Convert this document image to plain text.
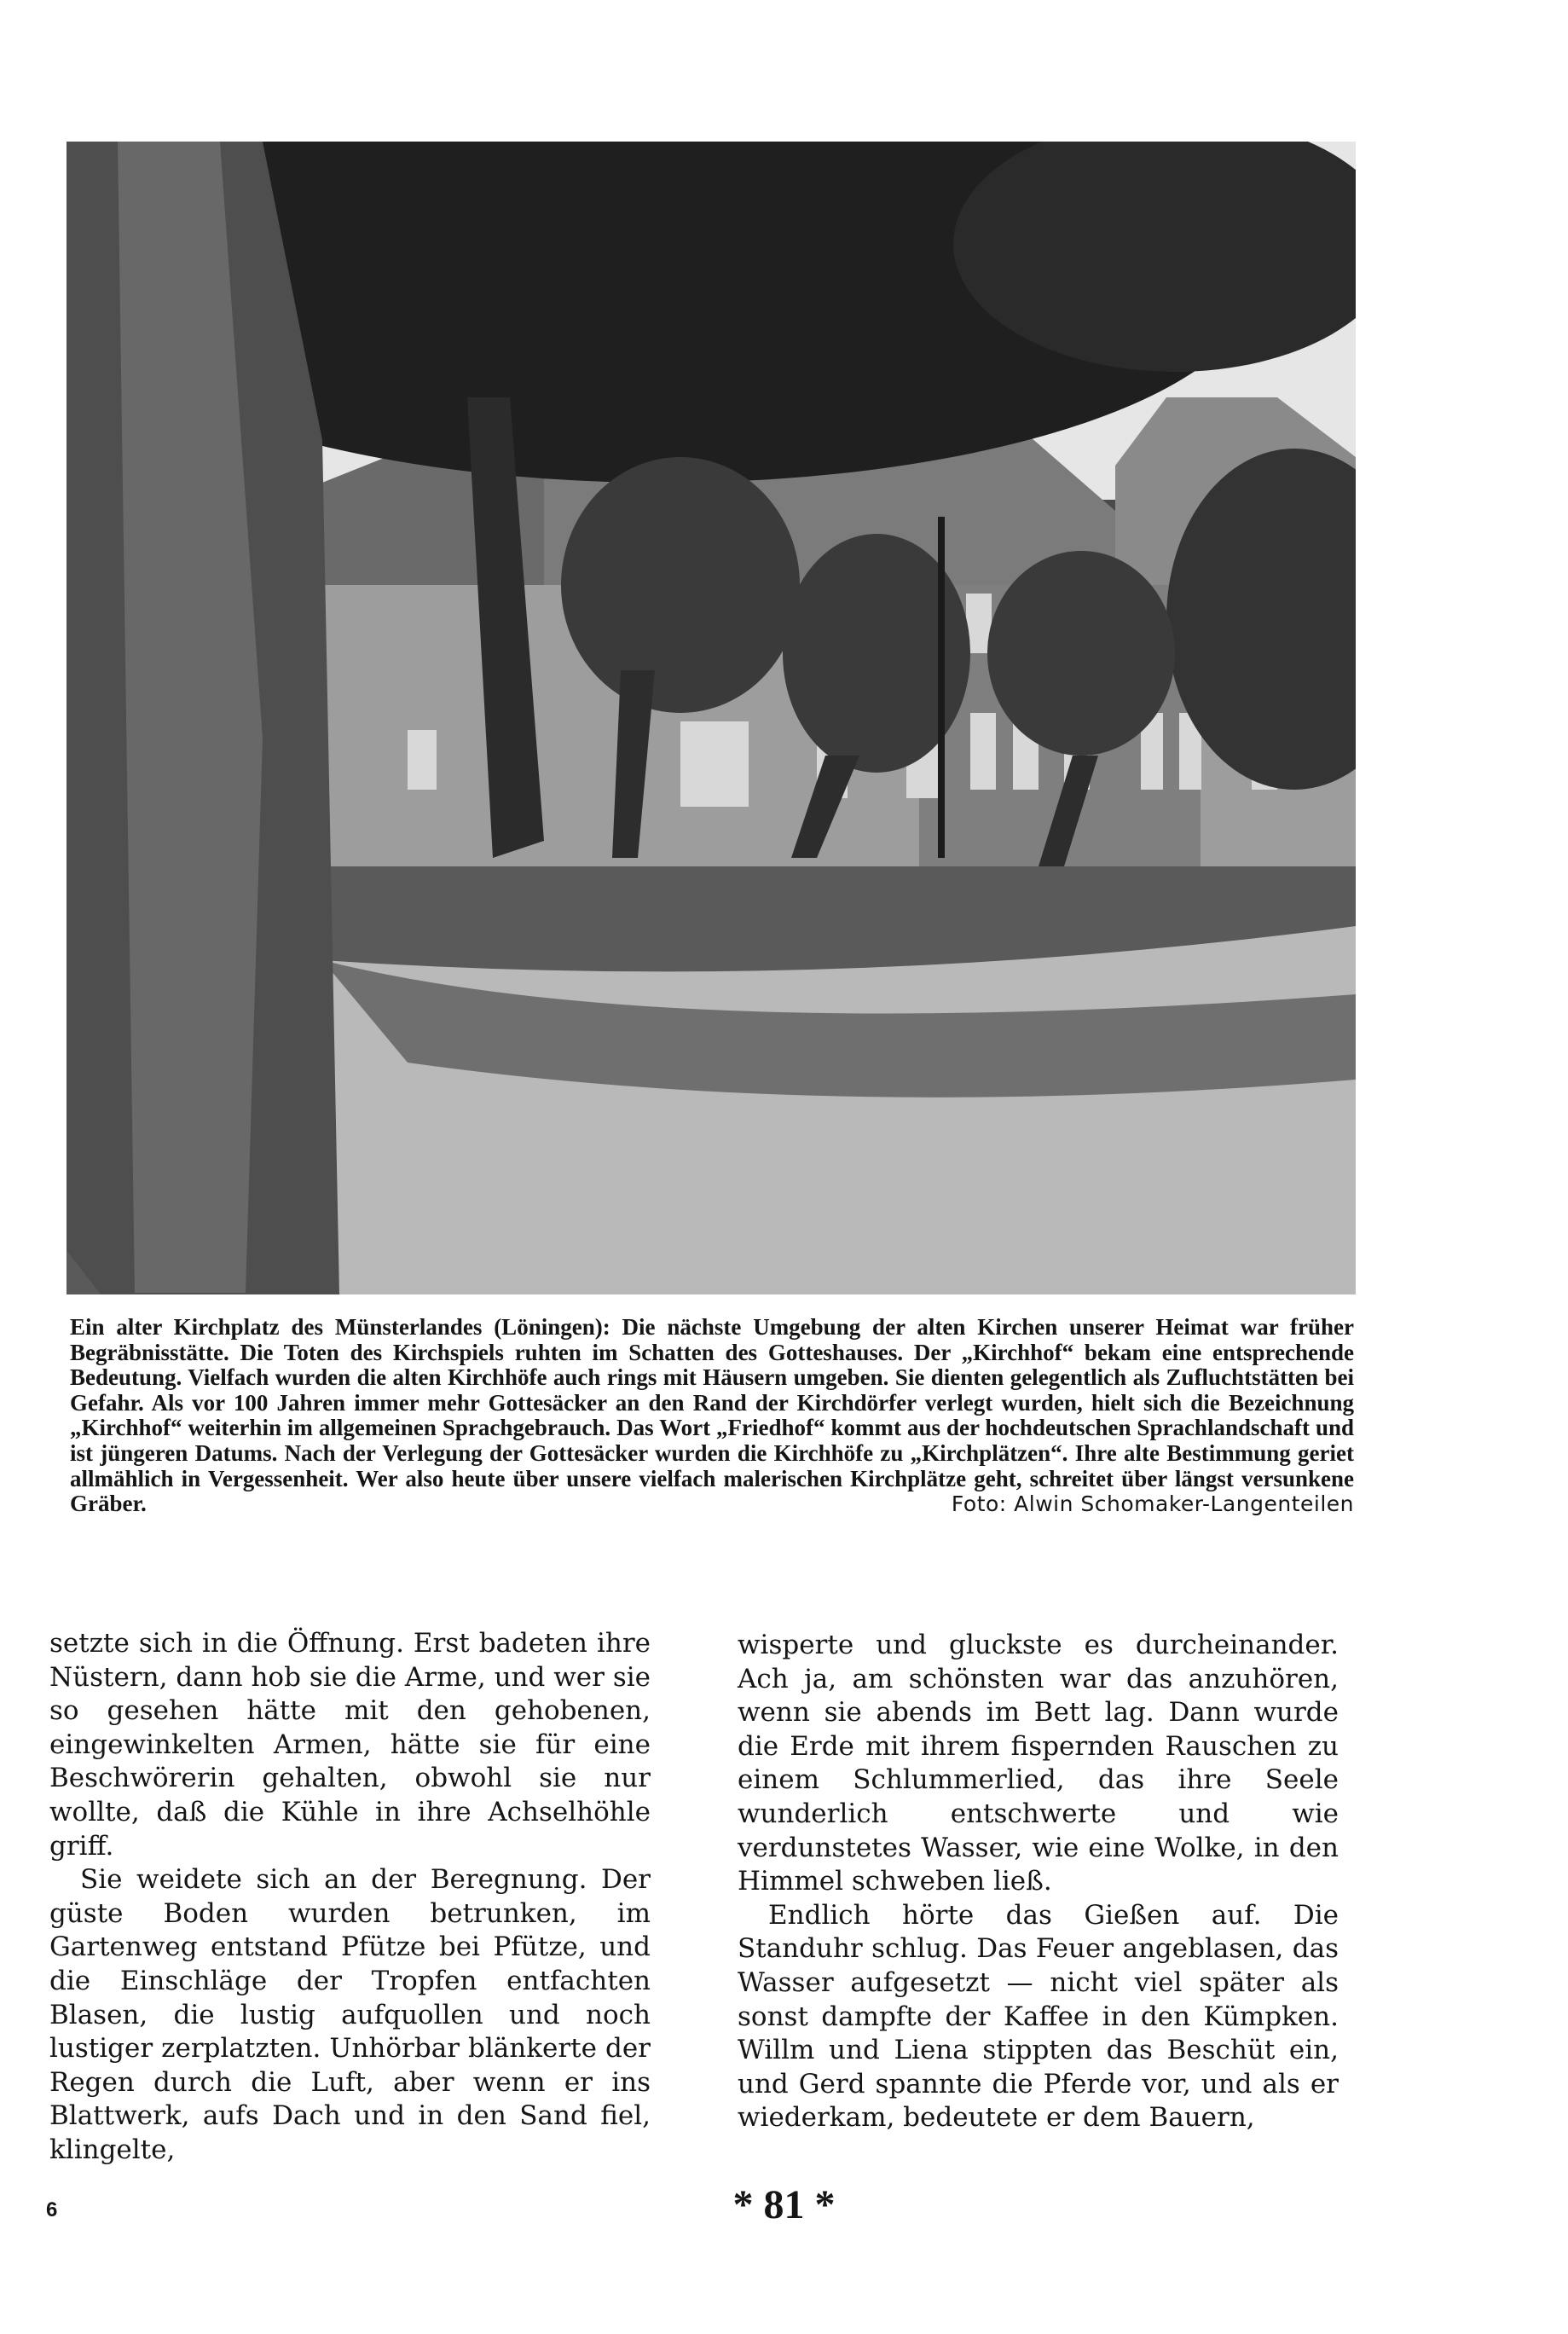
Ein alter Kirchplatz des Münsterlandes (Löningen): Die nächste Umgebung der alten Kirchen unserer Heimat war früher Begräbnisstätte. Die Toten des Kirchspiels ruhten im Schatten des Gotteshauses. Der „Kirchhof“ bekam eine entsprechende Bedeutung. Vielfach wurden die alten Kirchhöfe auch rings mit Häusern umgeben. Sie dienten gelegentlich als Zufluchtstätten bei Gefahr. Als vor 100 Jahren immer mehr Gottesäcker an den Rand der Kirchdörfer verlegt wurden, hielt sich die Bezeichnung „Kirchhof“ weiterhin im allgemeinen Sprachgebrauch. Das Wort „Friedhof“ kommt aus der hochdeutschen Sprachlandschaft und ist jüngeren Datums. Nach der Verlegung der Gottesäcker wurden die Kirchhöfe zu „Kirchplätzen“. Ihre alte Bestimmung geriet allmählich in Vergessenheit. Wer also heute über unsere vielfach malerischen Kirchplätze geht, schreitet über längst versunkene Gräber.	Foto: Alwin Schomaker-Langenteilen

setzte sich in die Öffnung. Erst badeten ihre Nüstern, dann hob sie die Arme, und wer sie so gesehen hätte mit den gehobenen, eingewinkelten Armen, hätte sie für eine Beschwörerin gehalten, obwohl sie nur wollte, daß die Kühle in ihre Achselhöhle griff.

Sie weidete sich an der Beregnung. Der güste Boden wurden betrunken, im Gartenweg entstand Pfütze bei Pfütze, und die Einschläge der Tropfen entfachten Blasen, die lustig aufquollen und noch lustiger zerplatzten. Unhörbar blänkerte der Regen durch die Luft, aber wenn er ins Blattwerk, aufs Dach und in den Sand fiel, klingelte,

wisperte und gluckste es durcheinander. Ach ja, am schönsten war das anzuhören, wenn sie abends im Bett lag. Dann wurde die Erde mit ihrem fispernden Rauschen zu einem Schlummerlied, das ihre Seele wunderlich entschwerte und wie verdunstetes Wasser, wie eine Wolke, in den Himmel schweben ließ.

Endlich hörte das Gießen auf. Die Standuhr schlug. Das Feuer angeblasen, das Wasser aufgesetzt — nicht viel später als sonst dampfte der Kaffee in den Kümpken. Willm und Liena stippten das Beschüt ein, und Gerd spannte die Pferde vor, und als er wiederkam, bedeutete er dem Bauern,

6	* 81 *
